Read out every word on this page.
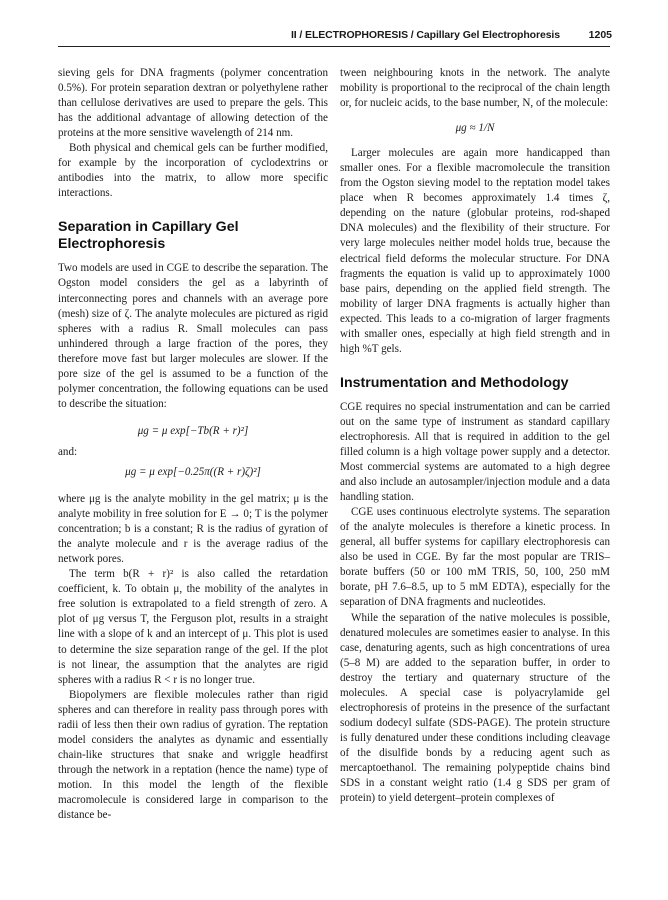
II / ELECTROPHORESIS / Capillary Gel Electrophoresis	1205

sieving gels for DNA fragments (polymer concentration 0.5%). For protein separation dextran or polyethylene rather than cellulose derivatives are used to prepare the gels. This has the additional advantage of allowing detection of the proteins at the more sensitive wavelength of 214 nm.

Both physical and chemical gels can be further modified, for example by the incorporation of cyclodextrins or antibodies into the matrix, to allow more specific interactions.

Separation in Capillary Gel Electrophoresis

Two models are used in CGE to describe the separation. The Ogston model considers the gel as a labyrinth of interconnecting pores and channels with an average pore (mesh) size of ζ. The analyte molecules are pictured as rigid spheres with a radius R. Small molecules can pass unhindered through a large fraction of the pores, they therefore move fast but larger molecules are slower. If the pore size of the gel is assumed to be a function of the polymer concentration, the following equations can be used to describe the situation:

μg = μ exp[−Tb(R + r)²]

and:

μg = μ exp[−0.25π((R + r)ζ)²]

where μg is the analyte mobility in the gel matrix; μ is the analyte mobility in free solution for E → 0; T is the polymer concentration; b is a constant; R is the radius of gyration of the analyte molecule and r is the average radius of the network pores.

The term b(R + r)² is also called the retardation coefficient, k. To obtain μ, the mobility of the analytes in free solution is extrapolated to a field strength of zero. A plot of μg versus T, the Ferguson plot, results in a straight line with a slope of k and an intercept of μ. This plot is used to determine the size separation range of the gel. If the plot is not linear, the assumption that the analytes are rigid spheres with a radius R < r is no longer true.

Biopolymers are flexible molecules rather than rigid spheres and can therefore in reality pass through pores with radii of less then their own radius of gyration. The reptation model considers the analytes as dynamic and essentially chain-like structures that snake and wriggle headfirst through the network in a reptation (hence the name) type of motion. In this model the length of the flexible macromolecule is considered large in comparison to the distance be-

tween neighbouring knots in the network. The analyte mobility is proportional to the reciprocal of the chain length or, for nucleic acids, to the base number, N, of the molecule:

μg ≈ 1/N

Larger molecules are again more handicapped than smaller ones. For a flexible macromolecule the transition from the Ogston sieving model to the reptation model takes place when R becomes approximately 1.4 times ζ, depending on the nature (globular proteins, rod-shaped DNA molecules) and the flexibility of their structure. For very large molecules neither model holds true, because the electrical field deforms the molecular structure. For DNA fragments the equation is valid up to approximately 1000 base pairs, depending on the applied field strength. The mobility of larger DNA fragments is actually higher than expected. This leads to a co-migration of larger fragments with smaller ones, especially at high field strength and in high %T gels.

Instrumentation and Methodology

CGE requires no special instrumentation and can be carried out on the same type of instrument as standard capillary electrophoresis. All that is required in addition to the gel filled column is a high voltage power supply and a detector. Most commercial systems are automated to a high degree and also include an autosampler/injection module and a data handling station.

CGE uses continuous electrolyte systems. The separation of the analyte molecules is therefore a kinetic process. In general, all buffer systems for capillary electrophoresis can also be used in CGE. By far the most popular are TRIS–borate buffers (50 or 100 mM TRIS, 50, 100, 250 mM borate, pH 7.6–8.5, up to 5 mM EDTA), especially for the separation of DNA fragments and nucleotides.

While the separation of the native molecules is possible, denatured molecules are sometimes easier to analyse. In this case, denaturing agents, such as high concentrations of urea (5–8 M) are added to the separation buffer, in order to destroy the tertiary and quaternary structure of the molecules. A special case is polyacrylamide gel electrophoresis of proteins in the presence of the surfactant sodium dodecyl sulfate (SDS-PAGE). The protein structure is fully denatured under these conditions including cleavage of the disulfide bonds by a reducing agent such as mercaptoethanol. The remaining polypeptide chains bind SDS in a constant weight ratio (1.4 g SDS per gram of protein) to yield detergent–protein complexes of
